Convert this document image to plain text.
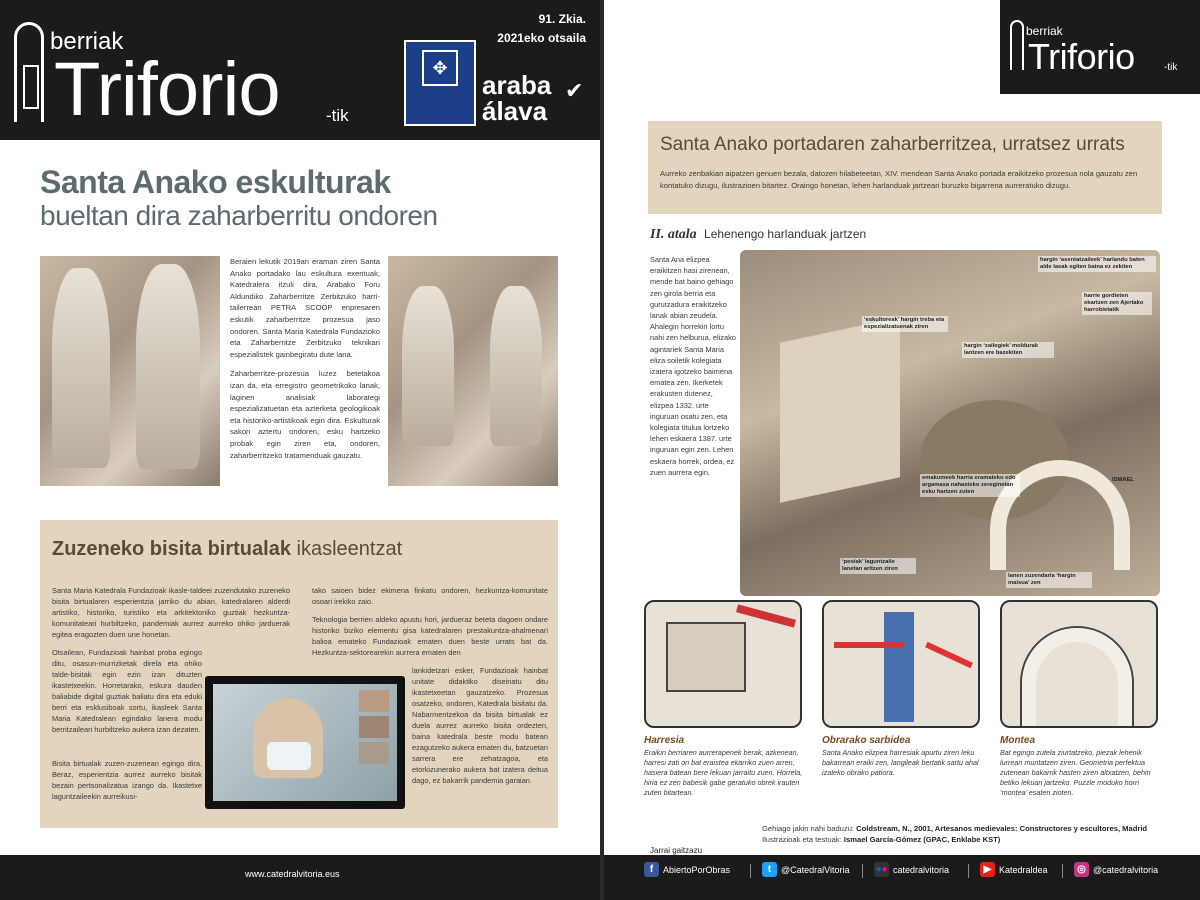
berriak
Triforio	-tik
91. Zkia.
2021eko otsaila
✥
araba
álava
✔
Santa Anako eskulturak
bueltan dira zaharberritu ondoren

Beraien lekutik 2019an eraman ziren Santa Anako portadako lau eskultura exentuak, Katedralera itzuli dira, Arabako Foru Aldundiko Zaharberritze Zerbitzuko harri-tailerrean PETRA SCOOP enpresaren eskutik zaharberritze prozesua jaso ondoren. Santa Maria Katedrala Fundazioko eta Zaharberritze Zerbitzuko teknikari espezialistek gainbegiratu dute lana.

Zaharberritze-prozesua luzez betetakoa izan da, eta erregistro geometrikoko lanak, laginen analisiak laborategi espezializatuetan eta azterketa geologikoak eta historiko-artistikoak egin dira. Eskulturak sakon aztertu ondoren, esku hartzeko probak egin ziren eta, ondoren, zaharberritzeko tratamenduak gauzatu.

Zuzeneko bisita birtualak ikasleentzat

Santa Maria Katedrala Fundazioak ikasle-taldeei zuzendutako zuzeneko bisita birtualaren esperientzia jarriko du abian, katedralaren alderdi artistiko, historiko, turistiko eta arkitektoniko guztiak hezkuntza-komunitateari hurbiltzeko, pandemiak aurrez aurreko ohiko jarduerak egitea eragozten duen une honetan.

Otsailean, Fundazioak hainbat proba egingo ditu, osasun-murrizketak direla eta ohiko talde-bisitak egin ezin izan dituzten ikastetxeekin. Horretarako, eskura dauden baliabide digital guztiak baliatu dira eta eduki berri eta esklusiboak sortu, ikasleek Santa Maria Katedralean egindako lanera modu berritzaileari hurbiltzeko aukera izan dezaten.

Bisita birtualak zuzen-zuzenean egingo dira. Beraz, esperientzia aurrez aurreko bisitak bezain pertsonalizatua izango da. Ikastetxe laguntzaileekin aurreikusi-

tako saioen bidez ekimena finkatu ondoren, hezkuntza-komunitate osoari irekiko zaio.

Teknologia berrien aldeko apustu hori, jardueraz beteta dagoen ondare historiko biziko elementu gisa katedralaren prestakuntza-ahalmenari balioa emateko Fundazioak ematen duen beste urrats bat da. Hezkuntza-sektorearekin aurrera ematen den

lankidetzari esker, Fundazioak hainbat unitate didaktiko diseinatu ditu ikastetxeetan gauzatzeko. Prozesua osatzeko, ondoren, Katedrala bisitatu da. Nabarmentzekoa da bisita birtualak ez duela aurrez aurreko bisita ordezten, baina katedrala beste modu batean ezagutzeko aukera ematen du, batzuetan sarrera ere zehatzagoa, eta etorkizunerako aukera bat izatera deitua dago, ez bakarrik pandemia garaian.
www.catedralvitoria.eus
berriak
Triforio	-tik
Santa Anako portadaren zaharberritzea, urratsez urrats
Aurreko zenbakian aipatzen genuen bezala, datozen hilabeteetan, XIV. mendean Santa Anako portada eraikitzeko prozesua nola gauzatu zen kontatuko dizugu, ilustrazioen bitartez. Oraingo honetan, lehen harlanduak jartzeari buruzko bigarrena aurreratuko dizugu.
II. atala Lehenengo harlanduak jartzen
Santa Ana elizpea eraikitzen hasi zirenean, mende bat baino gehiago zen girola berria eta gurutzadura eraikitzeko lanak abian zeudela. Ahalegin horrekin lortu nahi zen helburua, elizako agintariek Santa Maria eliza soiletik kolegiata izatera igotzeko baimena ematea zen. Ikerketek erakusten dutenez, elizpea 1332. urte inguruan osatu zen, eta kolegiata titulua lortzeko lehen eskaera 1387. urte inguruan egin zen. Lehen eskaera horrek, ordea, ez zuen aurrera egin.
hargin ‘asentatzaileek’ harlandu baten alde lasak egiten baina ez zekiten
harrie gordieten ekartzen zen Ajertako harrobietatik
‘eskultoreak’ hargin treba eta espezializatuenak ziren
hargin ‘zailegiek’ moldurak lantzen ere bazekiten
emakumeek harria eramateko edo argamasa nahasteko zereginetan esku hartzen zuten
‘peoiak’ laguntzaile lanetan aritzen ziren
lanen zuzendaria ‘hargin maisua’ zen
ISMAEL
Harresia
Eraikin berriaren aurrerapenek berak, azkenean, harresi zati on bat eraistea ekarriko zuen arren, hasiera batean bere lekuan jarraitu zuen. Horrela, hiria ez zen babesik gabe geratuko obrek irauten zuten bitartean.
Obrarako sarbidea
Santa Anako elizpea harresiak apurtu ziren leku bakarrean eraiki zen, langileak bertatik sartu ahal izateko obrako patiora.
Montea
Bat egingo zutela ziurtatzeko, piezak lehenik lurrean muntatzen ziren. Geometria perfektua zutenean bakarrik hasten ziren altxatzen, behin betiko lekuan jartzeko. Puzzle moduko horri ‘montea’ esaten zioten.
Gehiago jakin nahi baduzu: Coldstream, N., 2001, Artesanos medievales: Constructores y escultores, Madrid
Ilustrazioak eta testuak: Ismael García-Gómez (GPAC, Enklabe KST)
Jarrai gaitzazu
f	AbiertoPorObras	t	@CatedralVitoria	● ● catedralvitoria	▶ Katedraldea	◎ @catedralvitoria
